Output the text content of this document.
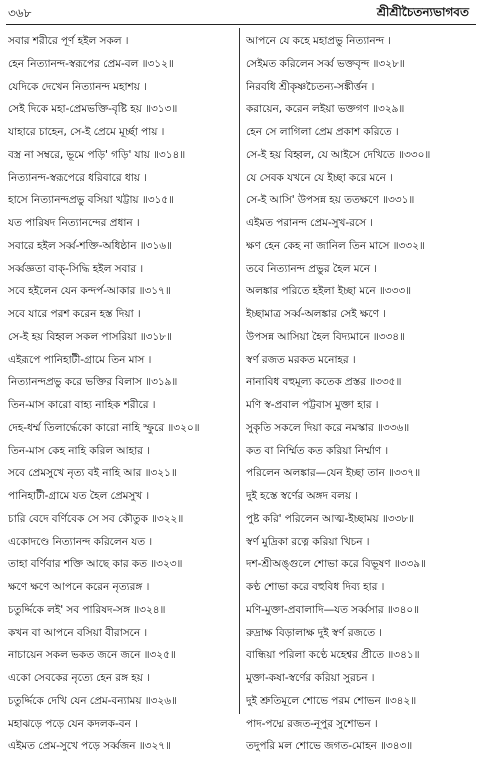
৩৬৮	শ্রীশ্রীচৈতন্যভাগবত
সবার শরীরে পূর্ণ হইল সকল ।
হেন নিত্যানন্দ-স্বরূপের প্রেম-বল ॥৩১২॥
যেদিকে দেখেন নিত্যানন্দ মহাশয় ।
সেই দিকে মহা-প্রেমভক্তি-বৃষ্টি হয় ॥৩১৩॥
যাহারে চাহেন, সে-ই প্রেমে মূর্চ্ছা পায় ।
বস্ত্র না সম্বরে, ভূমে পড়ি' গড়ি' যায় ॥৩১৪॥
নিত্যানন্দ-স্বরূপেরে ধরিবারে ধায় ।
হাসে নিত্যানন্দপ্রভু বসিয়া খট্টায় ॥৩১৫॥
যত পারিষদ নিত্যানন্দের প্রধান ।
সবারে হইল সর্ব্ব-শক্তি-অধিষ্ঠান ॥৩১৬॥
সর্ব্বজ্ঞতা বাক্-সিদ্ধি হইল সবার ।
সবে হইলেন যেন কন্দর্প-আকার ॥৩১৭॥
সবে যারে পরশ করেন হস্ত দিয়া ।
সে-ই হয় বিহ্বল সকল পাসরিয়া ॥৩১৮॥
এইরূপে পানিহাটী-গ্রামে তিন মাস ।
নিত্যানন্দপ্রভু করে ভক্তির বিলাস ॥৩১৯॥
তিন-মাস কারো বাহ্য নাহিক শরীরে ।
দেহ-ধর্ম্ম তিলার্দ্ধেকো কারো নাহি স্ফুরে ॥৩২০॥
তিন-মাস কেহ নাহি করিল আহার ।
সবে প্রেমসুখে নৃত্য বই নাহি আর ॥৩২১॥
পানিহাটী-গ্রামে যত হৈল প্রেমসুখ ।
চারি বেদে বর্ণিবেক সে সব কৌতুক ॥৩২২॥
একোদণ্ডে নিত্যানন্দ করিলেন যত ।
তাহা বর্ণিবার শক্তি আছে কার কত ॥৩২৩॥
ক্ষণে ক্ষণে আপনে করেন নৃত্যরঙ্গ ।
চতুর্দ্দিকে লই' সব পারিষদ-সঙ্গ ॥৩২৪॥
কখন বা আপনে বসিয়া বীরাসনে ।
নাচায়েন সকল ভকত জনে জনে ॥৩২৫॥
একো সেবকের নৃত্যে হেন রঙ্গ হয় ।
চতুর্দ্দিকে দেখি যেন প্রেম-বন্যাময় ॥৩২৬॥
মহাঝড়ে পড়ে যেন কদলক-বন ।
এইমত প্রেম-সুখে পড়ে সর্ব্বজন ॥৩২৭॥
আপনে যে কহে মহাপ্রভু নিত্যানন্দ ।
সেইমত করিলেন সর্ব্ব ভক্তবৃন্দ ॥৩২৮॥
নিরবধি শ্রীকৃষ্ণচৈতন্য-সঙ্কীর্ত্তন ।
করায়েন, করেন লইয়া ভক্তগণ ॥৩২৯॥
হেন সে লাগিলা প্রেম প্রকাশ করিতে ।
সে-ই হয় বিহ্বল, যে আইসে দেখিতে ॥৩৩০॥
যে সেবক যখনে যে ইচ্ছা করে মনে ।
সে-ই আসি' উপসন্ন হয় ততক্ষণে ॥৩৩১॥
এইমত পরানন্দ প্রেম-সুখ-রসে ।
ক্ষণ হেন কেহ না জানিল তিন মাসে ॥৩৩২॥
তবে নিত্যানন্দ প্রভুর হৈল মনে ।
অলঙ্কার পরিতে হইলা ইচ্ছা মনে ॥৩৩৩॥
ইচ্ছামাত্র সর্ব্ব-অলঙ্কার সেই ক্ষণে ।
উপসন্ন আসিয়া হৈল বিদ্যমানে ॥৩৩৪॥
স্বর্ণ রজত মরকত মনোহর ।
নানাবিধ বহুমূল্য কতেক প্রস্তর ॥৩৩৫॥
মণি স্ব-প্রবাল পট্টবাস মুক্তা হার ।
সুকৃতি সকলে দিয়া করে নমস্কার ॥৩৩৬॥
কত বা নির্ম্মিত কত করিয়া নির্ম্মাণ ।
পরিলেন অলঙ্কার—যেন ইচ্ছা তান ॥৩৩৭॥
দুই হস্তে স্বর্ণের অঙ্গদ বলয় ।
পুষ্ট করি' পরিলেন আত্ম-ইচ্ছাময় ॥৩৩৮॥
স্বর্ণ মুদ্রিকা রত্নে করিয়া খিচন ।
দশ-শ্রীঅঙ্গুলে শোভা করে বিভূষণ ॥৩৩৯॥
কণ্ঠ শোভা করে বহুবিধ দিব্য হার ।
মণি-মুক্তা-প্রবালাদি—যত সর্ব্বসার ॥৩৪০॥
রুদ্রাক্ষ বিড়ালাক্ষ দুই স্বর্ণ রজতে ।
বান্ধিয়া পরিলা কণ্ঠে মহেশ্বর প্রীতে ॥৩৪১॥
মুক্তা-কষা-স্বর্ণের করিয়া সুরচন ।
দুই শ্রুতিমূলে শোভে পরম শোভন ॥৩৪২॥
পাদ-পদ্মে রজত-নূপুর সুশোভন ।
তদুপরি মল শোভে জগত-মোহন ॥৩৪৩॥
